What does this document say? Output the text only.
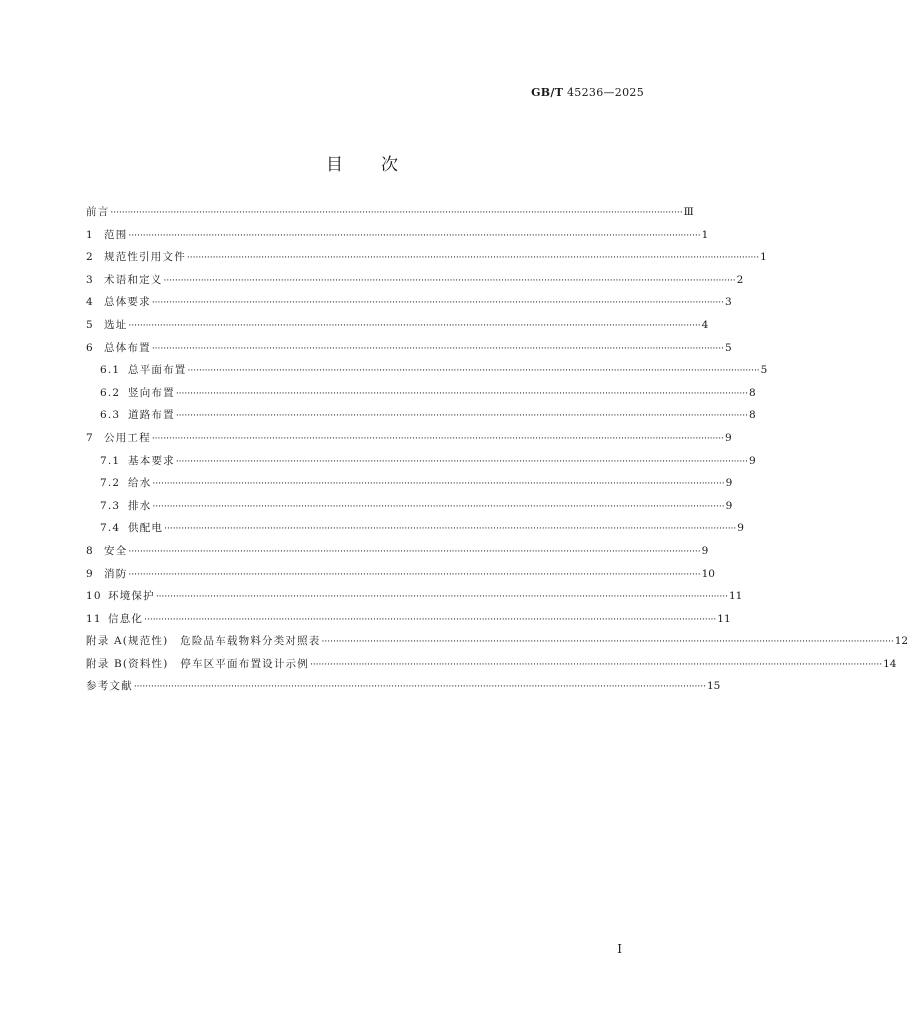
GB/T 45236—2025
目 次
前言 ········································································································································································································ Ⅲ
1 范围 ········································································································································································································ 1
2 规范性引用文件 ········································································································································································································ 1
3 术语和定义 ········································································································································································································ 2
4 总体要求 ········································································································································································································ 3
5 选址 ········································································································································································································ 4
6 总体布置 ········································································································································································································ 5
6.1 总平面布置 ········································································································································································································ 5
6.2 竖向布置 ········································································································································································································ 8
6.3 道路布置 ········································································································································································································ 8
7 公用工程 ········································································································································································································ 9
7.1 基本要求 ········································································································································································································ 9
7.2 给水 ········································································································································································································ 9
7.3 排水 ········································································································································································································ 9
7.4 供配电 ········································································································································································································ 9
8 安全 ········································································································································································································ 9
9 消防 ········································································································································································································ 10
10 环境保护 ········································································································································································································ 11
11 信息化 ········································································································································································································ 11
附录 A(规范性)　危险品车载物料分类对照表 ········································································································································································································ 12
附录 B(资料性)　停车区平面布置设计示例 ········································································································································································································ 14
参考文献 ········································································································································································································ 15
I
